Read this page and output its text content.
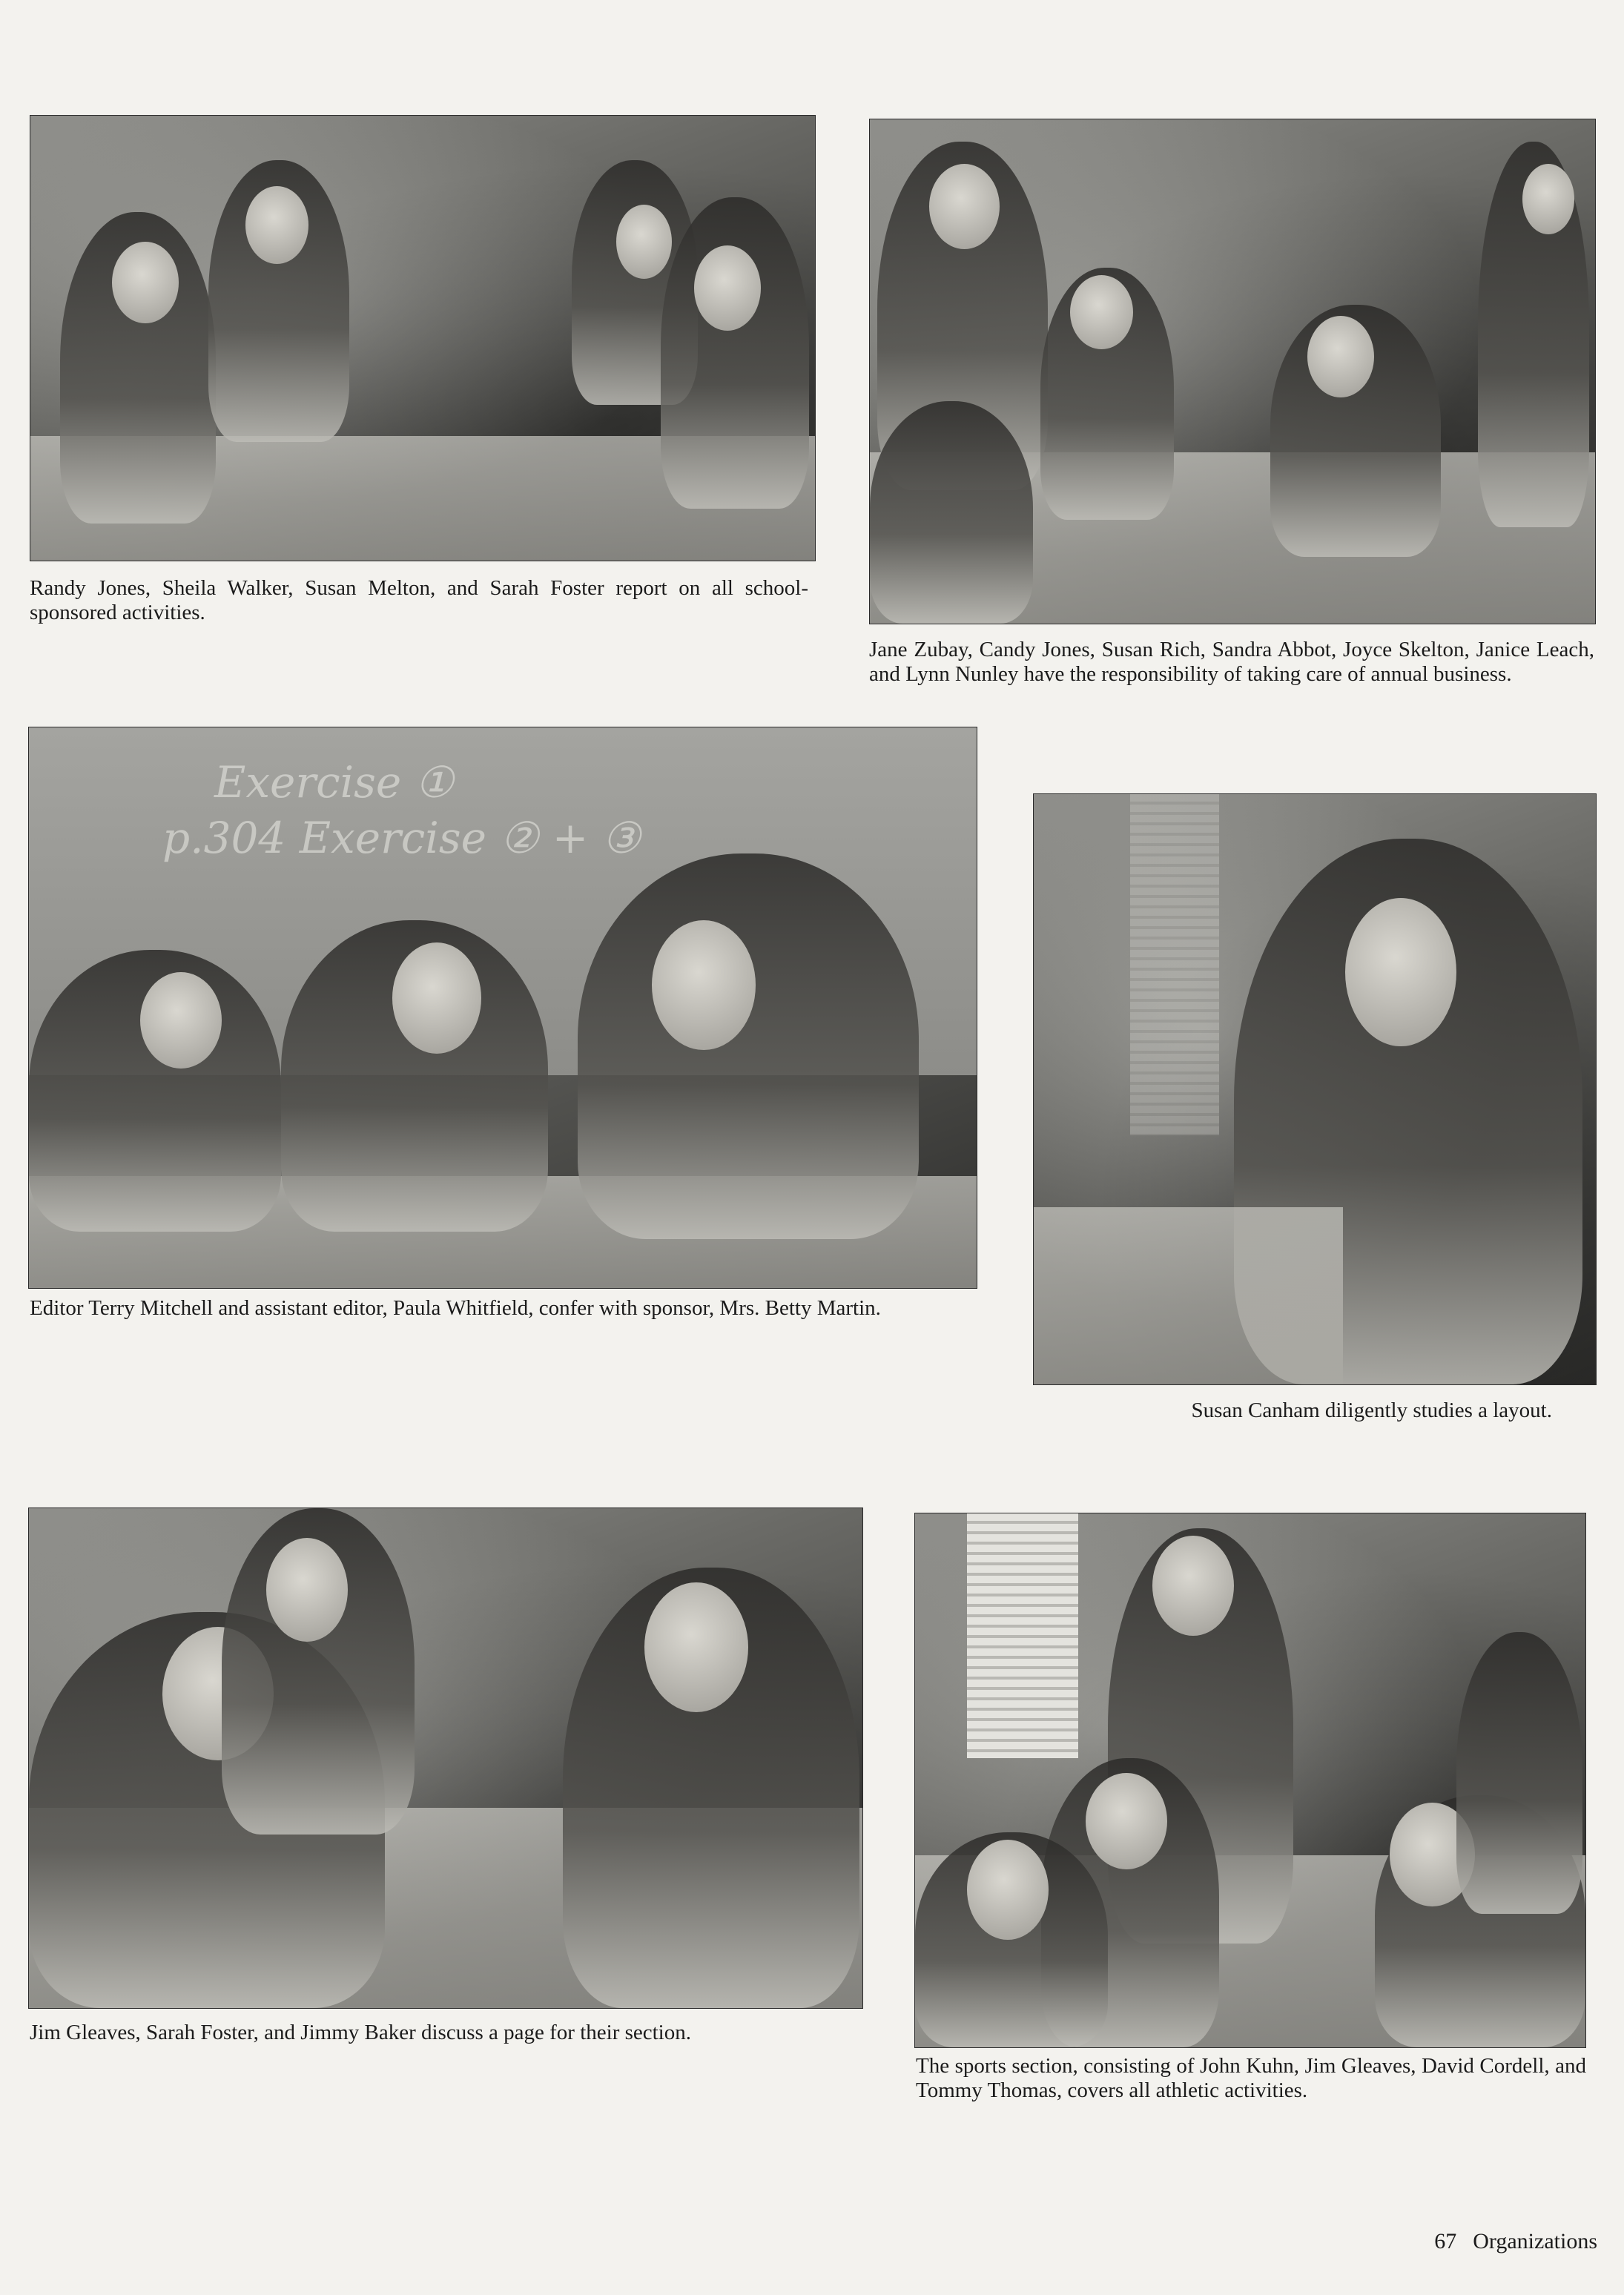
Randy Jones, Sheila Walker, Susan Melton, and Sarah Foster report on all school-sponsored activities.

Jane Zubay, Candy Jones, Susan Rich, Sandra Abbot, Joyce Skelton, Janice Leach, and Lynn Nunley have the responsibility of taking care of annual business.

Exercise ①
p.304 Exercise ② + ③

Editor Terry Mitchell and assistant editor, Paula Whitfield, confer with sponsor, Mrs. Betty Martin.

Susan Canham diligently studies a layout.

Jim Gleaves, Sarah Foster, and Jimmy Baker discuss a page for their section.

The sports section, consisting of John Kuhn, Jim Gleaves, David Cordell, and Tommy Thomas, covers all athletic activities.

67 Organizations
